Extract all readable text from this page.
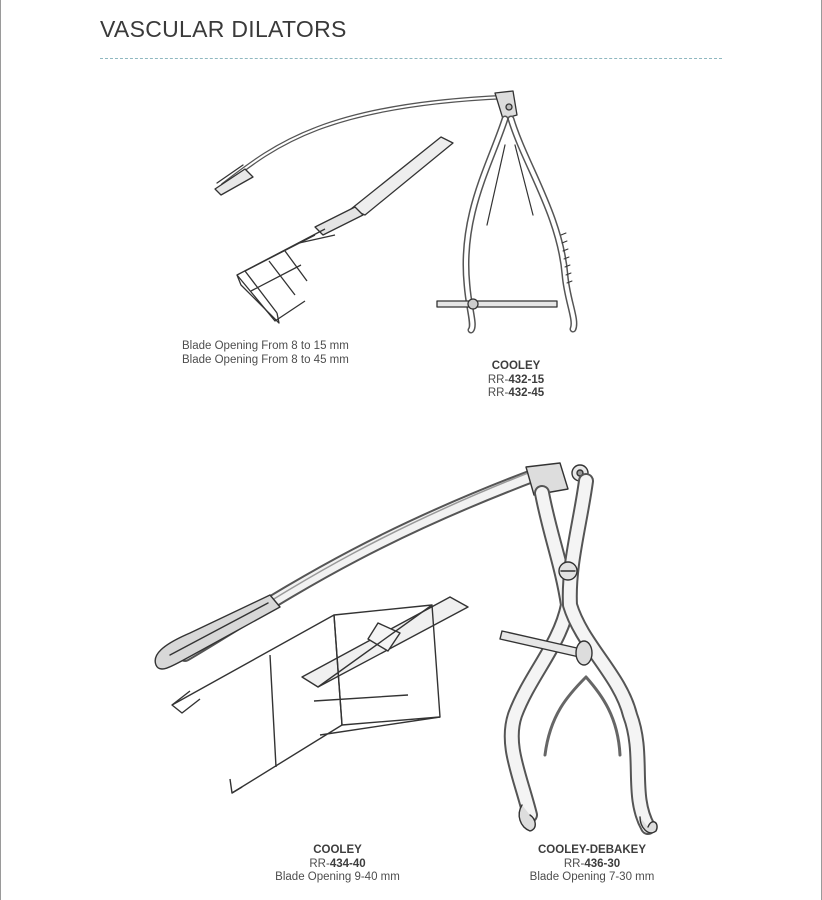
VASCULAR DILATORS
Blade Opening From 8 to 15 mm
Blade Opening From 8 to 45 mm
COOLEY
RR-432-15
RR-432-45
COOLEY
RR-434-40
Blade Opening 9-40 mm
COOLEY-DEBAKEY
RR-436-30
Blade Opening 7-30 mm
